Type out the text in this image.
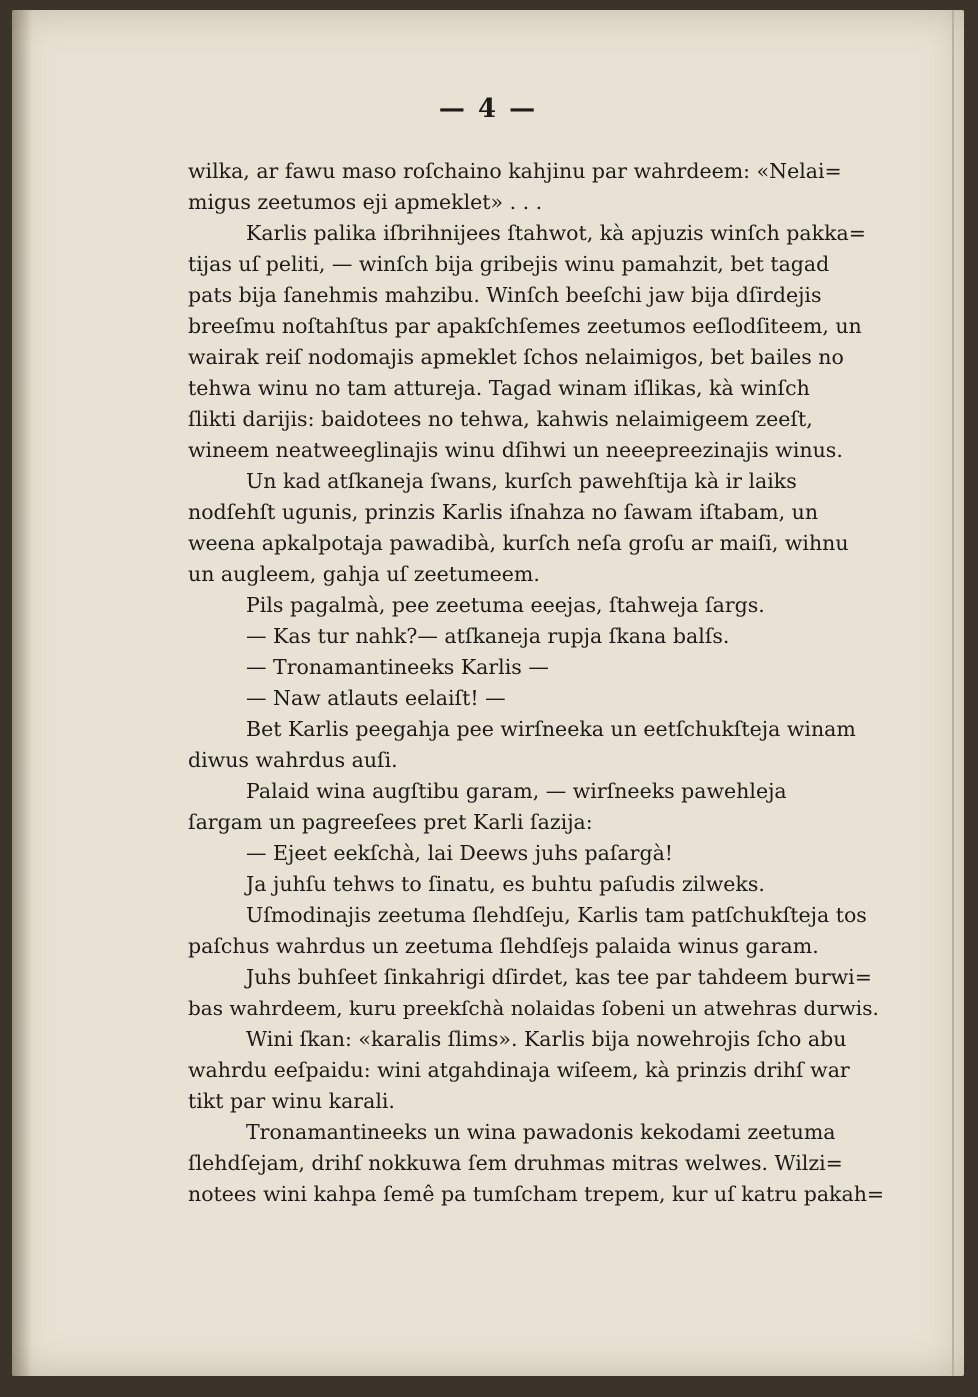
— 4 —
wilka, ar fawu maso roſchaino kahjinu par wahrdeem: «Nelai=
migus zeetumos eji apmeklet» . . .
Karlis palika iſbrihnijees ſtahwot, kà apjuzis winſch pakka=
tijas uſ peliti, — winſch bija gribejis winu pamahzit, bet tagad
pats bija ſanehmis mahzibu. Winſch beeſchi jaw bija dſirdejis
breeſmu noſtahſtus par apakſchſemes zeetumos eeſlodſiteem, un
wairak reiſ nodomajis apmeklet ſchos nelaimigos, bet bailes no
tehwa winu no tam attureja. Tagad winam iſlikas, kà winſch
ſlikti darijis: baidotees no tehwa, kahwis nelaimigeem zeeſt,
wineem neatweeglinajis winu dſihwi un neeepreezinajis winus.
Un kad atſkaneja ſwans, kurſch pawehſtija kà ir laiks
nodſehſt ugunis, prinzis Karlis iſnahza no ſawam iſtabam, un
weena apkalpotaja pawadibà, kurſch neſa groſu ar maiſi, wihnu
un augleem, gahja uſ zeetumeem.
Pils pagalmà, pee zeetuma eeejas, ſtahweja ſargs.
— Kas tur nahk?— atſkaneja rupja ſkana balſs.
— Tronamantineeks Karlis —
— Naw atlauts eelaiſt! —
Bet Karlis peegahja pee wirſneeka un eetſchukſteja winam
diwus wahrdus auſi.
Palaid wina augſtibu garam, — wirſneeks pawehleja
ſargam un pagreeſees pret Karli ſazija:
— Ejeet eekſchà, lai Deews juhs paſargà!
Ja juhſu tehws to ſinatu, es buhtu paſudis zilweks.
Uſmodinajis zeetuma ſlehdſeju, Karlis tam patſchukſteja tos
paſchus wahrdus un zeetuma ſlehdſejs palaida winus garam.
Juhs buhſeet ſinkahrigi dſirdet, kas tee par tahdeem burwi=
bas wahrdeem, kuru preekſchà nolaidas ſobeni un atwehras durwis.
Wini ſkan: «karalis ſlims». Karlis bija nowehrojis ſcho abu
wahrdu eeſpaidu: wini atgahdinaja wiſeem, kà prinzis drihſ war
tikt par winu karali.
Tronamantineeks un wina pawadonis kekodami zeetuma
ſlehdſejam, drihſ nokkuwa ſem druhmas mitras welwes. Wilzi=
notees wini kahpa ſemê pa tumſcham trepem, kur uſ katru pakah=
